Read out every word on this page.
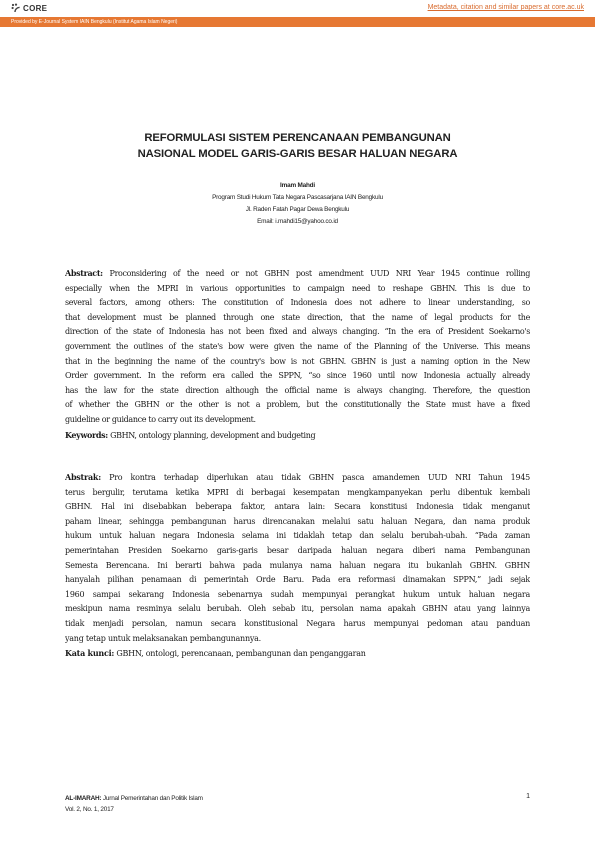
CORE	Metadata, citation and similar papers at core.ac.uk
Provided by E-Journal System IAIN Bengkulu (Institut Agama Islam Negeri)
REFORMULASI SISTEM PERENCANAAN PEMBANGUNAN
NASIONAL MODEL GARIS-GARIS BESAR HALUAN NEGARA
Imam Mahdi
Program Studi Hukum Tata Negara Pascasarjana IAIN Bengkulu
Jl. Raden Fatah Pagar Dewa Bengkulu
Email: i.mahdi15@yahoo.co.id
Abstract: Proconsidering of the need or not GBHN post amendment UUD NRI Year 1945 continue rolling
especially when the MPRI in various opportunities to campaign need to reshape GBHN. This is due to
several factors, among others: The constitution of Indonesia does not adhere to linear understanding, so
that development must be planned through one state direction, that the name of legal products for the
direction of the state of Indonesia has not been fixed and always changing. “In the era of President Soekarno's
government the outlines of the state's bow were given the name of the Planning of the Universe. This means
that in the beginning the name of the country's bow is not GBHN. GBHN is just a naming option in the New
Order government. In the reform era called the SPPN, “so since 1960 until now Indonesia actually already
has the law for the state direction although the official name is always changing. Therefore, the question
of whether the GBHN or the other is not a problem, but the constitutionally the State must have a fixed
guideline or guidance to carry out its development.
Keywords: GBHN, ontology planning, development and budgeting
Abstrak: Pro kontra terhadap diperlukan atau tidak GBHN pasca amandemen UUD NRI Tahun 1945
terus bergulir, terutama ketika MPRI di berbagai kesempatan mengkampanyekan perlu dibentuk kembali
GBHN. Hal ini disebabkan beberapa faktor, antara lain: Secara konstitusi Indonesia tidak menganut
paham linear, sehingga pembangunan harus direncanakan melalui satu haluan Negara, dan nama produk
hukum untuk haluan negara Indonesia selama ini tidaklah tetap dan selalu berubah-ubah. “Pada zaman
pemerintahan Presiden Soekarno garis-garis besar daripada haluan negara diberi nama Pembangunan
Semesta Berencana. Ini berarti bahwa pada mulanya nama haluan negara itu bukanlah GBHN. GBHN
hanyalah pilihan penamaan di pemerintah Orde Baru. Pada era reformasi dinamakan SPPN,” jadi sejak
1960 sampai sekarang Indonesia sebenarnya sudah mempunyai perangkat hukum untuk haluan negara
meskipun nama resminya selalu berubah. Oleh sebab itu, persolan nama apakah GBHN atau yang lainnya
tidak menjadi persolan, namun secara konstitusional Negara harus mempunyai pedoman atau panduan
yang tetap untuk melaksanakan pembangunannya.
Kata kunci: GBHN, ontologi, perencanaan, pembangunan dan penganggaran
AL-IMARAH: Jurnal Pemerintahan dan Politik Islam
Vol. 2, No. 1, 2017
1
